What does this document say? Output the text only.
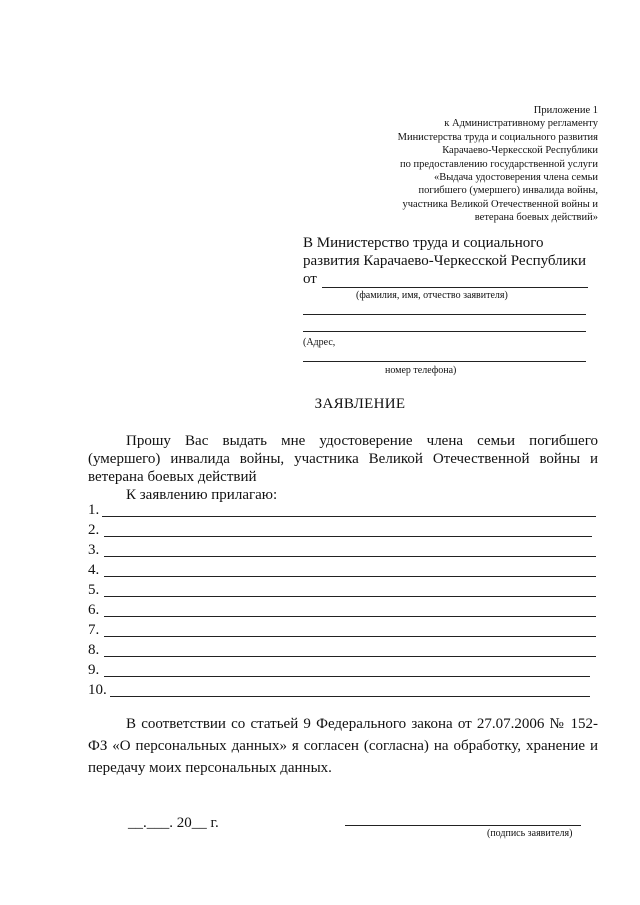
Приложение 1
к Административному регламенту
Министерства труда и социального развития
Карачаево-Черкесской Республики
по предоставлению государственной услуги
«Выдача удостоверения члена семьи
погибшего (умершего) инвалида войны,
участника Великой Отечественной войны и
ветерана боевых действий»
В Министерство труда и социального
развития Карачаево-Черкесской Республики
от
(фамилия, имя, отчество заявителя)
(Адрес,
номер телефона)
ЗАЯВЛЕНИЕ
Прошу Вас выдать мне удостоверение члена семьи погибшего (умершего) инвалида войны, участника Великой Отечественной войны и ветерана боевых действий
К заявлению прилагаю:
1.
2.
3.
4.
5.
6.
7.
8.
9.
10.
В соответствии со статьей 9 Федерального закона от 27.07.2006 № 152-ФЗ «О персональных данных» я согласен (согласна) на обработку, хранение и передачу моих персональных данных.
__.___. 20__ г.
(подпись заявителя)
